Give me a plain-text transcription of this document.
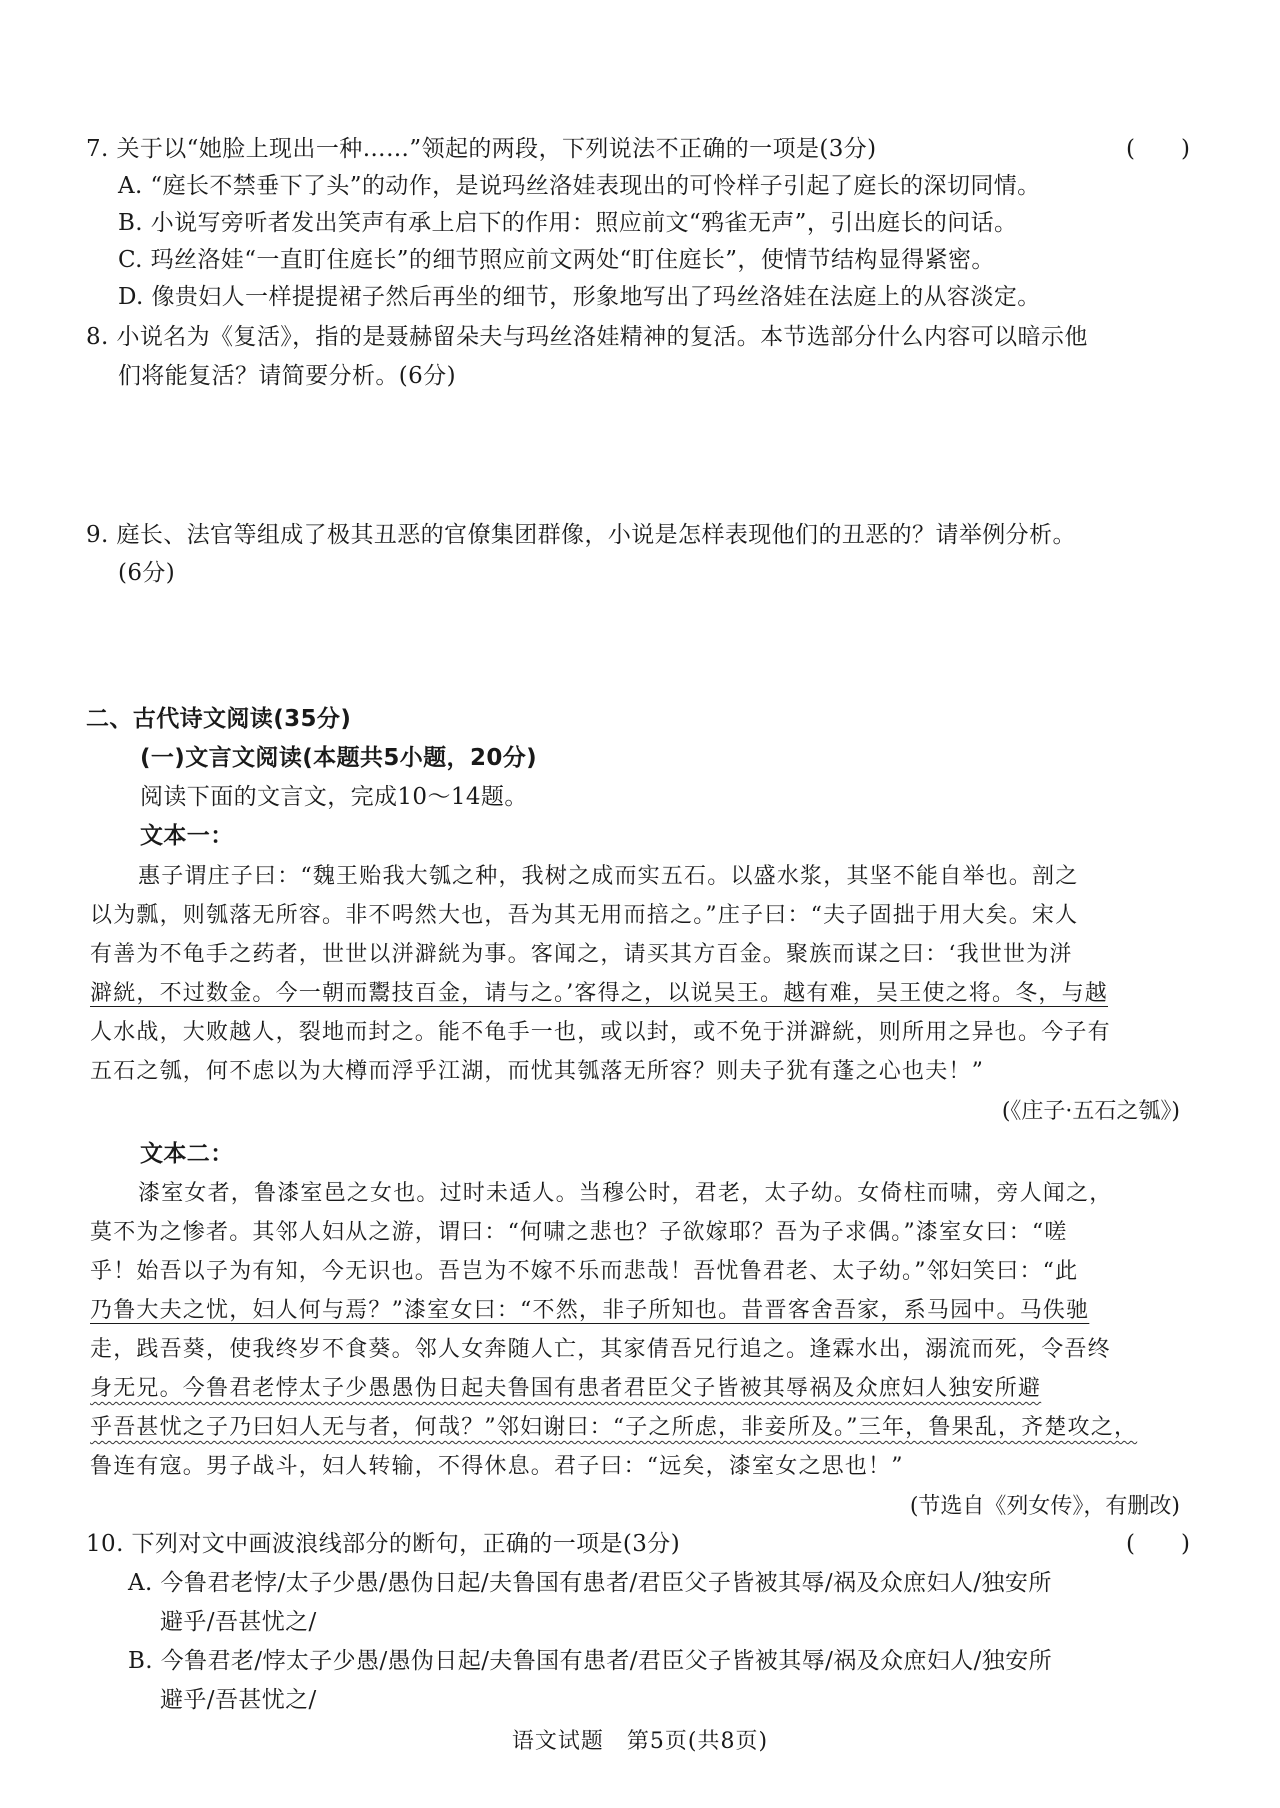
7. 关于以“她脸上现出一种……”领起的两段，下列说法不正确的一项是(3分)	(　　)
A. “庭长不禁垂下了头”的动作，是说玛丝洛娃表现出的可怜样子引起了庭长的深切同情。
B. 小说写旁听者发出笑声有承上启下的作用：照应前文“鸦雀无声”，引出庭长的问话。
C. 玛丝洛娃“一直盯住庭长”的细节照应前文两处“盯住庭长”，使情节结构显得紧密。
D. 像贵妇人一样提提裙子然后再坐的细节，形象地写出了玛丝洛娃在法庭上的从容淡定。
8. 小说名为《复活》，指的是聂赫留朵夫与玛丝洛娃精神的复活。本节选部分什么内容可以暗示他
们将能复活？请简要分析。(6分)
9. 庭长、法官等组成了极其丑恶的官僚集团群像，小说是怎样表现他们的丑恶的？请举例分析。
(6分)
二、古代诗文阅读(35分)
(一)文言文阅读(本题共5小题，20分)
阅读下面的文言文，完成10～14题。
文本一：
惠子谓庄子曰：“魏王贻我大瓠之种，我树之成而实五石。以盛水浆，其坚不能自举也。剖之
以为瓢，则瓠落无所容。非不呺然大也，吾为其无用而掊之。”庄子曰：“夫子固拙于用大矣。宋人
有善为不龟手之药者，世世以洴澼絖为事。客闻之，请买其方百金。聚族而谋之曰：‘我世世为洴
澼絖，不过数金。今一朝而鬻技百金，请与之。’客得之，以说吴王。越有难，吴王使之将。冬，与越
人水战，大败越人，裂地而封之。能不龟手一也，或以封，或不免于洴澼絖，则所用之异也。今子有
五石之瓠，何不虑以为大樽而浮乎江湖，而忧其瓠落无所容？则夫子犹有蓬之心也夫！”
(《庄子·五石之瓠》)
文本二：
漆室女者，鲁漆室邑之女也。过时未适人。当穆公时，君老，太子幼。女倚柱而啸，旁人闻之，
莫不为之惨者。其邻人妇从之游，谓曰：“何啸之悲也？子欲嫁耶？吾为子求偶。”漆室女曰：“嗟
乎！始吾以子为有知，今无识也。吾岂为不嫁不乐而悲哉！吾忧鲁君老、太子幼。”邻妇笑曰：“此
乃鲁大夫之忧，妇人何与焉？”漆室女曰：“不然，非子所知也。昔晋客舍吾家，系马园中。马佚驰
走，践吾葵，使我终岁不食葵。邻人女奔随人亡，其家倩吾兄行追之。逢霖水出，溺流而死，令吾终
身无兄。今鲁君老悖太子少愚愚伪日起夫鲁国有患者君臣父子皆被其辱祸及众庶妇人独安所避
乎吾甚忧之子乃曰妇人无与者，何哉？”邻妇谢曰：“子之所虑，非妾所及。”三年，鲁果乱，齐楚攻之，
鲁连有寇。男子战斗，妇人转输，不得休息。君子曰：“远矣，漆室女之思也！”
(节选自《列女传》，有删改)
10. 下列对文中画波浪线部分的断句，正确的一项是(3分)	(　　)
A. 今鲁君老悖/太子少愚/愚伪日起/夫鲁国有患者/君臣父子皆被其辱/祸及众庶妇人/独安所
避乎/吾甚忧之/
B. 今鲁君老/悖太子少愚/愚伪日起/夫鲁国有患者/君臣父子皆被其辱/祸及众庶妇人/独安所
避乎/吾甚忧之/
语文试题　第5页(共8页)
